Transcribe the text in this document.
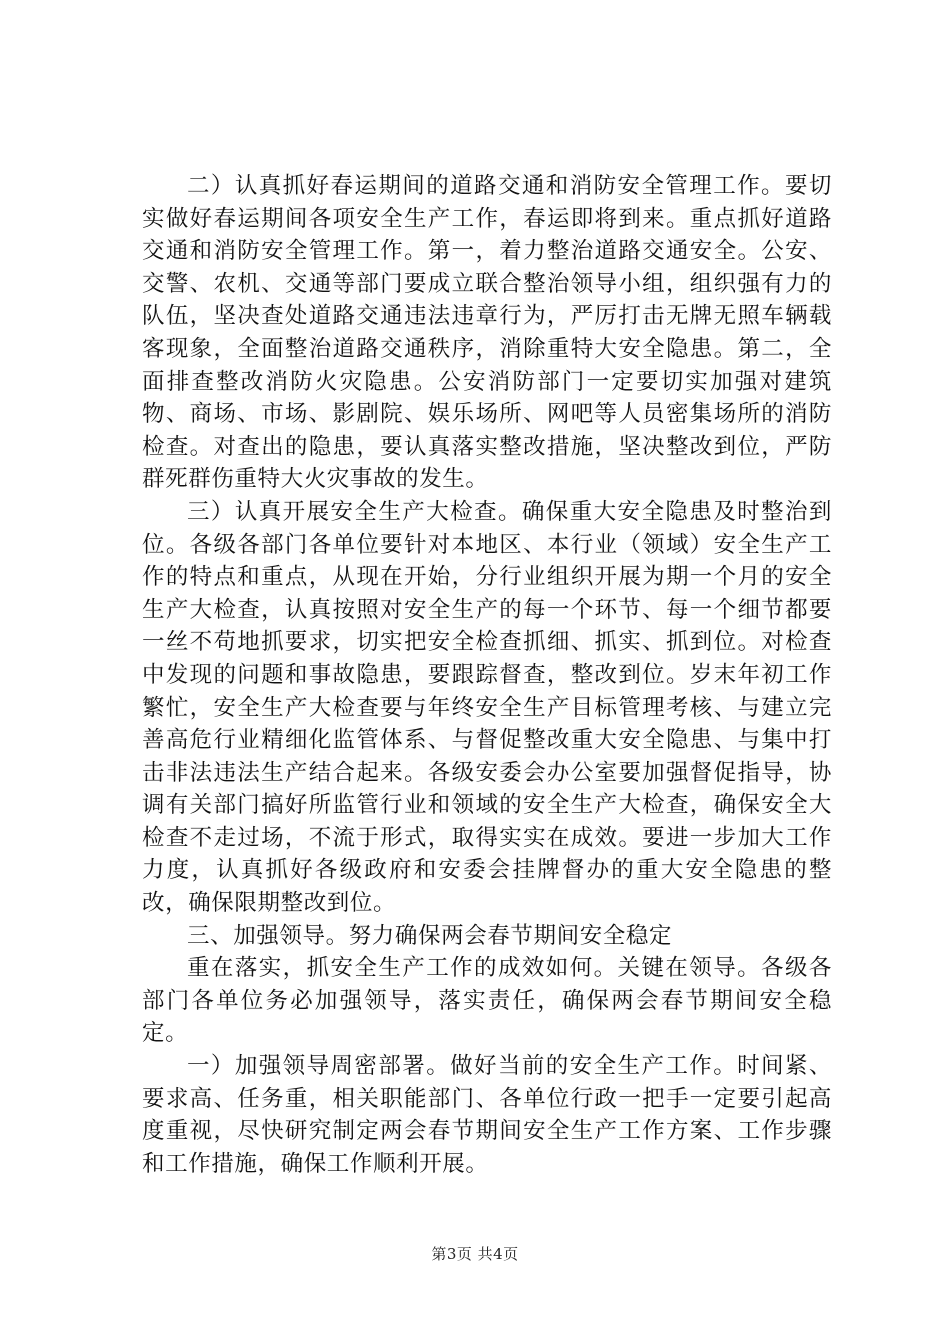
二）认真抓好春运期间的道路交通和消防安全管理工作。要切实做好春运期间各项安全生产工作，春运即将到来。重点抓好道路交通和消防安全管理工作。第一，着力整治道路交通安全。公安、交警、农机、交通等部门要成立联合整治领导小组，组织强有力的队伍，坚决查处道路交通违法违章行为，严厉打击无牌无照车辆载客现象，全面整治道路交通秩序，消除重特大安全隐患。第二，全面排查整改消防火灾隐患。公安消防部门一定要切实加强对建筑物、商场、市场、影剧院、娱乐场所、网吧等人员密集场所的消防检查。对查出的隐患，要认真落实整改措施，坚决整改到位，严防群死群伤重特大火灾事故的发生。

三）认真开展安全生产大检查。确保重大安全隐患及时整治到位。各级各部门各单位要针对本地区、本行业（领域）安全生产工作的特点和重点，从现在开始，分行业组织开展为期一个月的安全生产大检查，认真按照对安全生产的每一个环节、每一个细节都要一丝不苟地抓要求，切实把安全检查抓细、抓实、抓到位。对检查中发现的问题和事故隐患，要跟踪督查，整改到位。岁末年初工作繁忙，安全生产大检查要与年终安全生产目标管理考核、与建立完善高危行业精细化监管体系、与督促整改重大安全隐患、与集中打击非法违法生产结合起来。各级安委会办公室要加强督促指导，协调有关部门搞好所监管行业和领域的安全生产大检查，确保安全大检查不走过场，不流于形式，取得实实在成效。要进一步加大工作力度，认真抓好各级政府和安委会挂牌督办的重大安全隐患的整改，确保限期整改到位。

三、加强领导。努力确保两会春节期间安全稳定

重在落实，抓安全生产工作的成效如何。关键在领导。各级各部门各单位务必加强领导，落实责任，确保两会春节期间安全稳定。

一）加强领导周密部署。做好当前的安全生产工作。时间紧、要求高、任务重，相关职能部门、各单位行政一把手一定要引起高度重视，尽快研究制定两会春节期间安全生产工作方案、工作步骤和工作措施，确保工作顺利开展。

第3页 共4页
